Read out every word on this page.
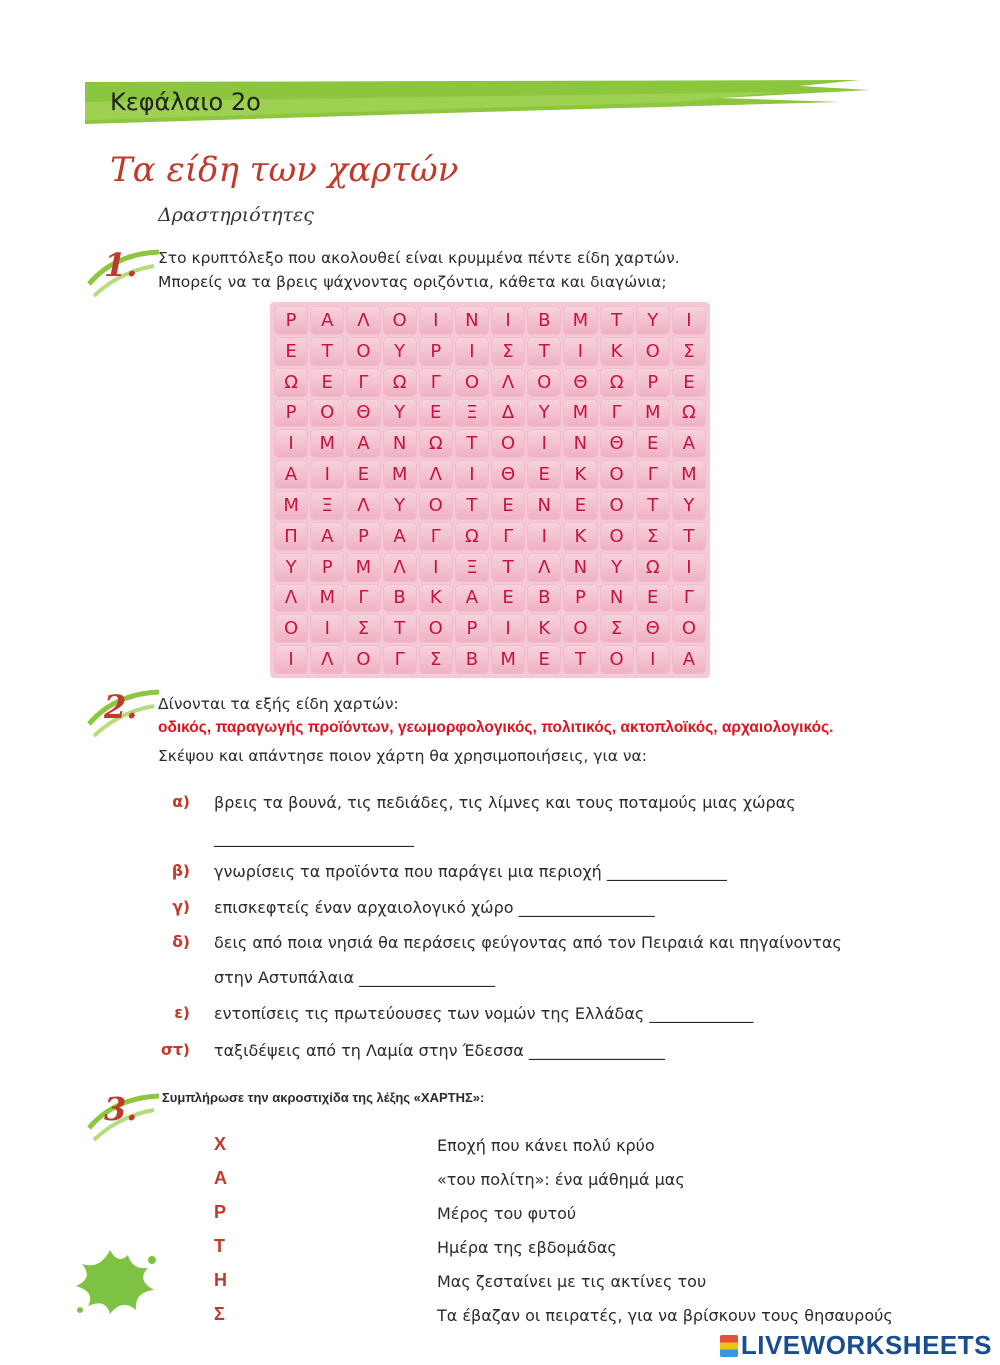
Κεφάλαιο 2ο
Τα είδη των χαρτών
Δραστηριότητες
1. Στο κρυπτόλεξο που ακολουθεί είναι κρυμμένα πέντε είδη χαρτών.
Μπορείς να τα βρεις ψάχνοντας οριζόντια, κάθετα και διαγώνια;
Ρ	Α	Λ	Ο	Ι	Ν	Ι	Β	Μ	Τ	Υ	Ι
Ε	Τ	Ο	Υ	Ρ	Ι	Σ	Τ	Ι	Κ	Ο	Σ
Ω	Ε	Γ	Ω	Γ	Ο	Λ	Ο	Θ	Ω	Ρ	Ε
Ρ	Ο	Θ	Υ	Ε	Ξ	Δ	Υ	Μ	Γ	Μ	Ω
Ι	Μ	Α	Ν	Ω	Τ	Ο	Ι	Ν	Θ	Ε	Α
Α	Ι	Ε	Μ	Λ	Ι	Θ	Ε	Κ	Ο	Γ	Μ
Μ	Ξ	Λ	Υ	Ο	Τ	Ε	Ν	Ε	Ο	Τ	Υ
Π	Α	Ρ	Α	Γ	Ω	Γ	Ι	Κ	Ο	Σ	Τ
Υ	Ρ	Μ	Λ	Ι	Ξ	Τ	Λ	Ν	Υ	Ω	Ι
Λ	Μ	Γ	Β	Κ	Α	Ε	Β	Ρ	Ν	Ε	Γ
Ο	Ι	Σ	Τ	Ο	Ρ	Ι	Κ	Ο	Σ	Θ	Ο
Ι	Λ	Ο	Γ	Σ	Β	Μ	Ε	Τ	Ο	Ι	Α
2. Δίνονται τα εξής είδη χαρτών:
οδικός, παραγωγής προϊόντων, γεωμορφολογικός, πολιτικός, ακτοπλοϊκός, αρχαιολογικός.
Σκέψου και απάντησε ποιον χάρτη θα χρησιμοποιήσεις, για να:
α) βρεις τα βουνά, τις πεδιάδες, τις λίμνες και τους ποταμούς μιας χώρας
_________________________
β) γνωρίσεις τα προϊόντα που παράγει μια περιοχή _______________
γ) επισκεφτείς έναν αρχαιολογικό χώρο _________________
δ) δεις από ποια νησιά θα περάσεις φεύγοντας από τον Πειραιά και πηγαίνοντας
στην Αστυπάλαια _________________
ε) εντοπίσεις τις πρωτεύουσες των νομών της Ελλάδας _____________
στ) ταξιδέψεις από τη Λαμία στην Έδεσσα _________________
3. Συμπλήρωσε την ακροστιχίδα της λέξης «ΧΑΡΤΗΣ»:
Χ	Εποχή που κάνει πολύ κρύο
Α	«του πολίτη»: ένα μάθημά μας
Ρ	Μέρος του φυτού
Τ	Ημέρα της εβδομάδας
Η	Μας ζεσταίνει με τις ακτίνες του
Σ	Τα έβαζαν οι πειρατές, για να βρίσκουν τους θησαυρούς
LIVEWORKSHEETS
